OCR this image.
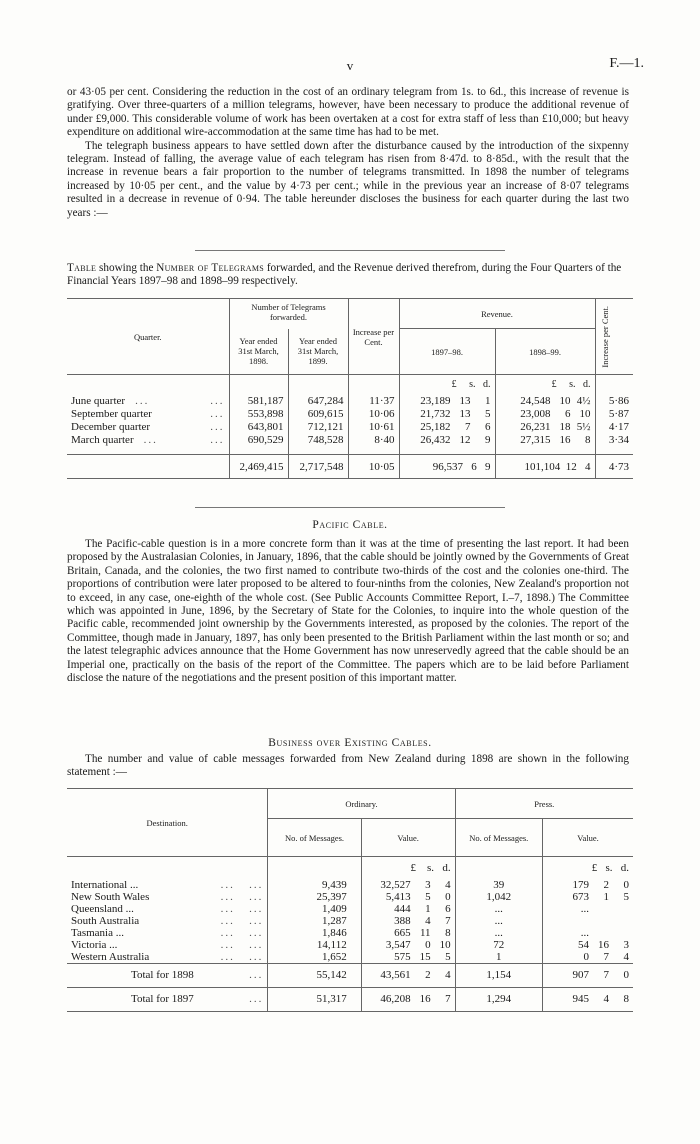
v	F.—1.

or 43·05 per cent. Considering the reduction in the cost of an ordinary telegram from 1s. to 6d., this increase of revenue is gratifying. Over three-quarters of a million telegrams, however, have been necessary to produce the additional revenue of under £9,000. This considerable volume of work has been overtaken at a cost for extra staff of less than £10,000; but heavy expenditure on additional wire-accommodation at the same time has had to be met.

The telegraph business appears to have settled down after the disturbance caused by the introduction of the sixpenny telegram. Instead of falling, the average value of each telegram has risen from 8·47d. to 8·85d., with the result that the increase in revenue bears a fair proportion to the number of telegrams transmitted. In 1898 the number of telegrams increased by 10·05 per cent., and the value by 4·73 per cent.; while in the previous year an increase of 8·07 telegrams resulted in a decrease in revenue of 0·94. The table hereunder discloses the business for each quarter during the last two years :—

Table showing the Number of Telegrams forwarded, and the Revenue derived therefrom, during the Four Quarters of the Financial Years 1897–98 and 1898–99 respectively.
Quarter.	Number of Telegrams forwarded.		Increase per Cent.	Revenue.		Increase per Cent.

	Year ended 31st March, 1898.	Year ended 31st March, 1899.		1897–98.	1898–99.	
				£ s. d.	£ s. d.	
June quarter ... ...	581,187	647,284	11·37	23,189 13 1	24,548 10 4½	5·86
September quarter ...	553,898	609,615	10·06	21,732 13 5	23,008 6 10	5·87
December quarter ...	643,801	712,121	10·61	25,182 7 6	26,231 18 5½	4·17
March quarter ... ...	690,529	748,528	8·40	26,432 12 9	27,315 16 8	3·34

	2,469,415	2,717,548	10·05	96,537 6 9	101,104 12 4	4·73
Pacific Cable.

The Pacific-cable question is in a more concrete form than it was at the time of presenting the last report. It had been proposed by the Australasian Colonies, in January, 1896, that the cable should be jointly owned by the Governments of Great Britain, Canada, and the colonies, the two first named to contribute two-thirds of the cost and the colonies one-third. The proportions of contribution were later proposed to be altered to four-ninths from the colonies, New Zealand's proportion not to exceed, in any case, one-eighth of the whole cost. (See Public Accounts Committee Report, I.–7, 1898.) The Committee which was appointed in June, 1896, by the Secretary of State for the Colonies, to inquire into the whole question of the Pacific cable, recommended joint ownership by the Governments interested, as proposed by the colonies. The report of the Committee, though made in January, 1897, has only been presented to the British Parliament within the last month or so; and the latest telegraphic advices announce that the Home Government has now unreservedly agreed that the cable should be an Imperial one, practically on the basis of the report of the Committee. The papers which are to be laid before Parliament disclose the nature of the negotiations and the present position of this important matter.

Business over Existing Cables.

The number and value of cable messages forwarded from New Zealand during 1898 are shown in the following statement :—

Destination.	Ordinary.		Press.	
	No. of Messages.	Value.	No. of Messages.	Value.
		£ s. d.		£ s. d.
International ... ...   ...	9,439	32,527 3 4	39	179 2 0
New South Wales ...   ...	25,397	5,413 5 0	1,042	673 1 5
Queensland ... ...   ...	1,409	444 1 6	...	...
South Australia ...   ...	1,287	388 4 7	...	
Tasmania ... ...   ...	1,846	665 11 8	...	...
Victoria ... ...   ...	14,112	3,547 0 10	72	54 16 3
Western Australia ...   ...	1,652	575 15 5	1	0 7 4
Total for 1898 ...	55,142	43,561 2 4	1,154	907 7 0
Total for 1897 ...	51,317	46,208 16 7	1,294	945 4 8
